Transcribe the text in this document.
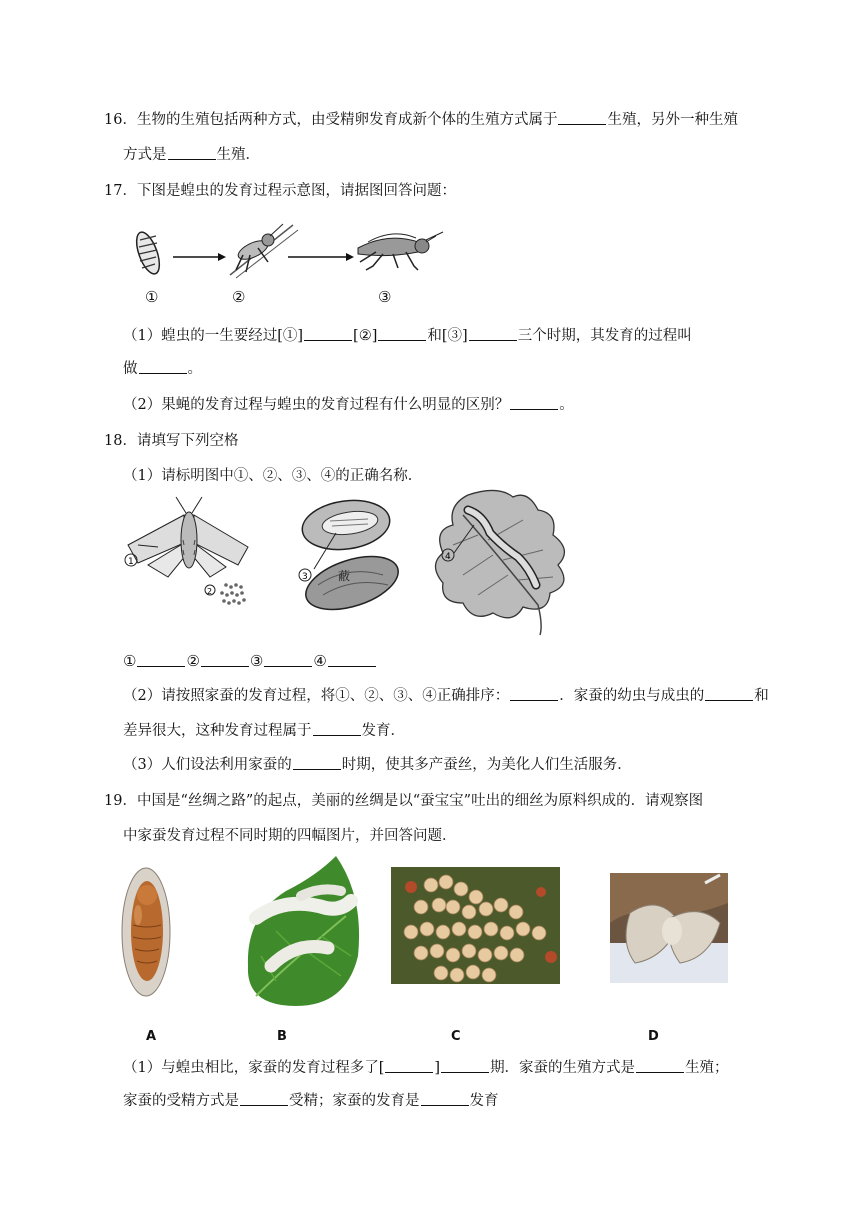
16．生物的生殖包括两种方式，由受精卵发育成新个体的生殖方式属于	生殖，另外一种生殖
方式是	生殖．
17．下图是蝗虫的发育过程示意图，请据图回答问题：
①	②	③
（1）蝗虫的一生要经过[①]	[②]	和[③]	三个时期，其发育的过程叫
做	。
（2）果蝇的发育过程与蝗虫的发育过程有什么明显的区别？	。
18．请填写下列空格
（1）请标明图中①、②、③、④的正确名称．
1
2
3
4
蔽
①	②	③	④
（2）请按照家蚕的发育过程，将①、②、③、④正确排序：	．家蚕的幼虫与成虫的	和
差异很大，这种发育过程属于	发育．
（3）人们设法利用家蚕的	时期，使其多产蚕丝，为美化人们生活服务．
19．中国是“丝绸之路”的起点，美丽的丝绸是以“蚕宝宝”吐出的细丝为原料织成的．请观察图
中家蚕发育过程不同时期的四幅图片，并回答问题．
A	B	C	D
（1）与蝗虫相比，家蚕的发育过程多了[	]	期．家蚕的生殖方式是	生殖；
家蚕的受精方式是	受精；家蚕的发育是	发育
